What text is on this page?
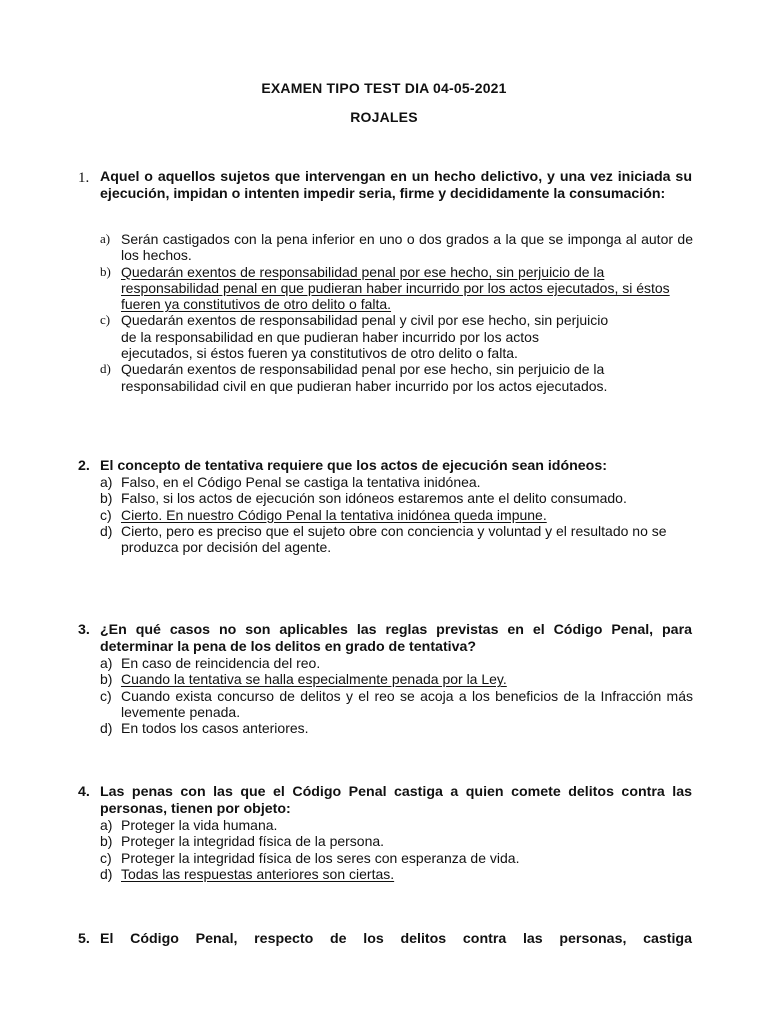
EXAMEN TIPO TEST DIA 04-05-2021
ROJALES
1. Aquel o aquellos sujetos que intervengan en un hecho delictivo, y una vez iniciada su ejecución, impidan o intenten impedir seria, firme y decididamente la consumación:
a) Serán castigados con la pena inferior en uno o dos grados a la que se imponga al autor de los hechos.
b) Quedarán exentos de responsabilidad penal por ese hecho, sin perjuicio de la responsabilidad penal en que pudieran haber incurrido por los actos ejecutados, si éstos fueren ya constitutivos de otro delito o falta.
c) Quedarán exentos de responsabilidad penal y civil por ese hecho, sin perjuicio de la responsabilidad en que pudieran haber incurrido por los actos ejecutados, si éstos fueren ya constitutivos de otro delito o falta.
d) Quedarán exentos de responsabilidad penal por ese hecho, sin perjuicio de la responsabilidad civil en que pudieran haber incurrido por los actos ejecutados.
2. El concepto de tentativa requiere que los actos de ejecución sean idóneos:
a) Falso, en el Código Penal se castiga la tentativa inidónea.
b) Falso, si los actos de ejecución son idóneos estaremos ante el delito consumado.
c) Cierto. En nuestro Código Penal la tentativa inidónea queda impune.
d) Cierto, pero es preciso que el sujeto obre con conciencia y voluntad y el resultado no se produzca por decisión del agente.
3. ¿En qué casos no son aplicables las reglas previstas en el Código Penal, para determinar la pena de los delitos en grado de tentativa?
a) En caso de reincidencia del reo.
b) Cuando la tentativa se halla especialmente penada por la Ley.
c) Cuando exista concurso de delitos y el reo se acoja a los beneficios de la Infracción más levemente penada.
d) En todos los casos anteriores.
4. Las penas con las que el Código Penal castiga a quien comete delitos contra las personas, tienen por objeto:
a) Proteger la vida humana.
b) Proteger la integridad física de la persona.
c) Proteger la integridad física de los seres con esperanza de vida.
d) Todas las respuestas anteriores son ciertas.
5. El Código Penal, respecto de los delitos contra las personas, castiga
